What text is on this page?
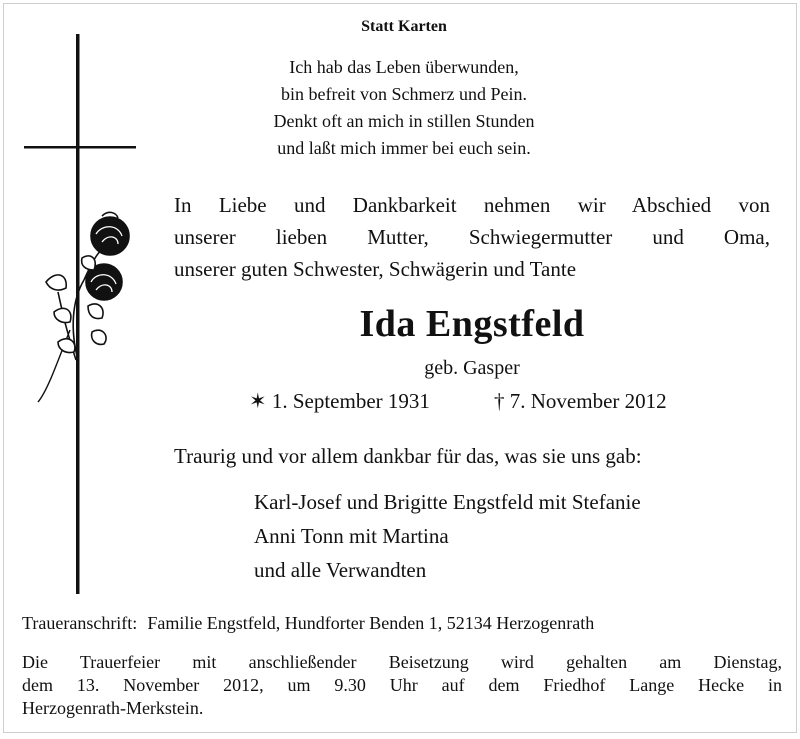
Statt Karten
Ich hab das Leben überwunden,
bin befreit von Schmerz und Pein.
Denkt oft an mich in stillen Stunden
und laßt mich immer bei euch sein.
In Liebe und Dankbarkeit nehmen wir Abschied von
unserer lieben Mutter, Schwiegermutter und Oma,
unserer guten Schwester, Schwägerin und Tante
Ida Engstfeld
geb. Gasper
✶ 1. September 1931	† 7. November 2012
Traurig und vor allem dankbar für das, was sie uns gab:
Karl-Josef und Brigitte Engstfeld mit Stefanie
Anni Tonn mit Martina
und alle Verwandten
Traueranschrift: Familie Engstfeld, Hundforter Benden 1, 52134 Herzogenrath
Die Trauerfeier mit anschließender Beisetzung wird gehalten am Dienstag,
dem 13. November 2012, um 9.30 Uhr auf dem Friedhof Lange Hecke in
Herzogenrath-Merkstein.
